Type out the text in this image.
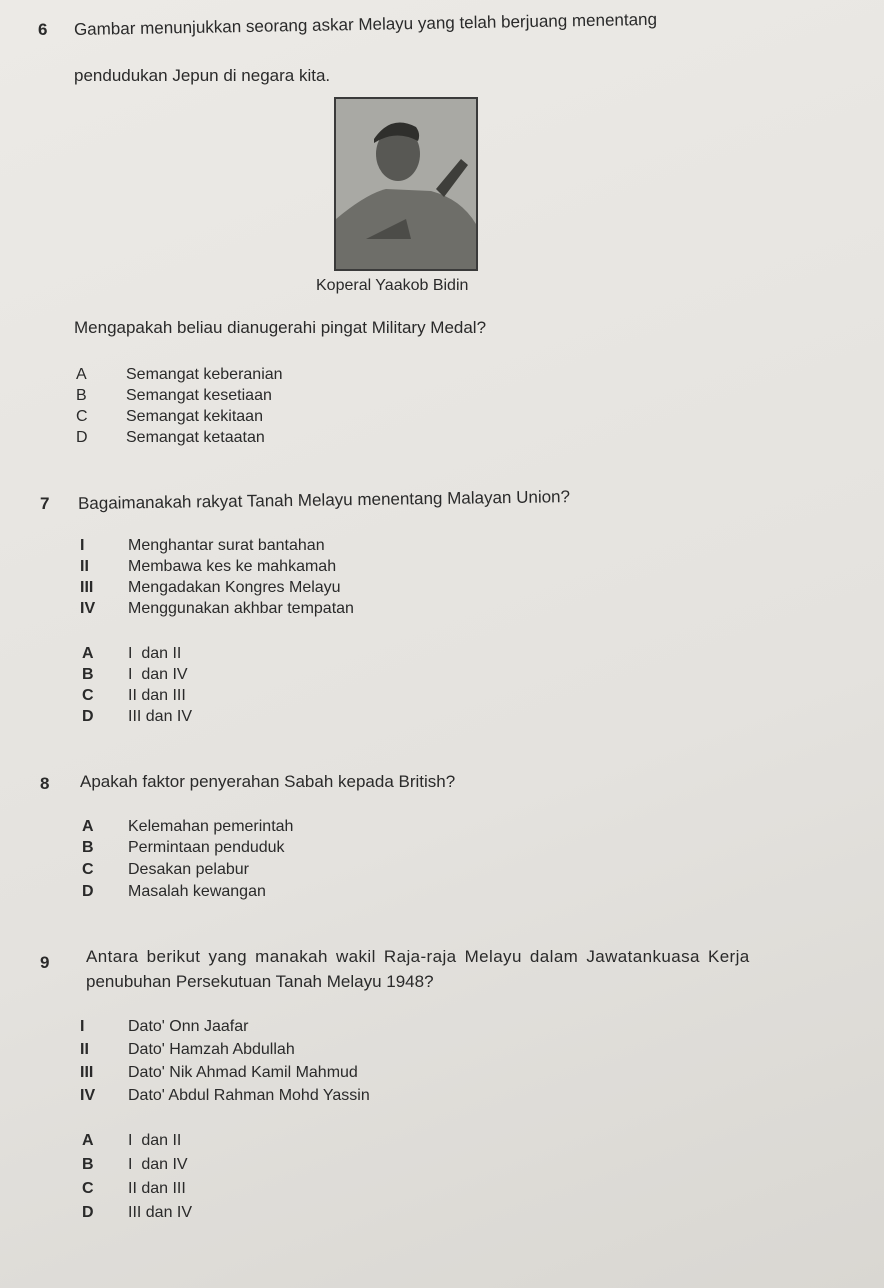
6 Gambar menunjukkan seorang askar Melayu yang telah berjuang menentang
pendudukan Jepun di negara kita.
Koperal Yaakob Bidin
Mengapakah beliau dianugerahi pingat Military Medal?
A Semangat keberanian
B Semangat kesetiaan
C Semangat kekitaan
D Semangat ketaatan
7 Bagaimanakah rakyat Tanah Melayu menentang Malayan Union?
I	Menghantar surat bantahan
II Membawa kes ke mahkamah
III Mengadakan Kongres Melayu
IV Menggunakan akhbar tempatan
A I  dan II
B I  dan IV
C II dan III
D III dan IV
8 Apakah faktor penyerahan Sabah kepada British?
A Kelemahan pemerintah
B Permintaan penduduk
C Desakan pelabur
D Masalah kewangan
9 Antara berikut yang manakah wakil Raja-raja Melayu dalam Jawatankuasa Kerja
penubuhan Persekutuan Tanah Melayu 1948?
I	Dato' Onn Jaafar
II Dato' Hamzah Abdullah
III Dato' Nik Ahmad Kamil Mahmud
IV Dato' Abdul Rahman Mohd Yassin
A I  dan II
B I  dan IV
C II dan III
D III dan IV
